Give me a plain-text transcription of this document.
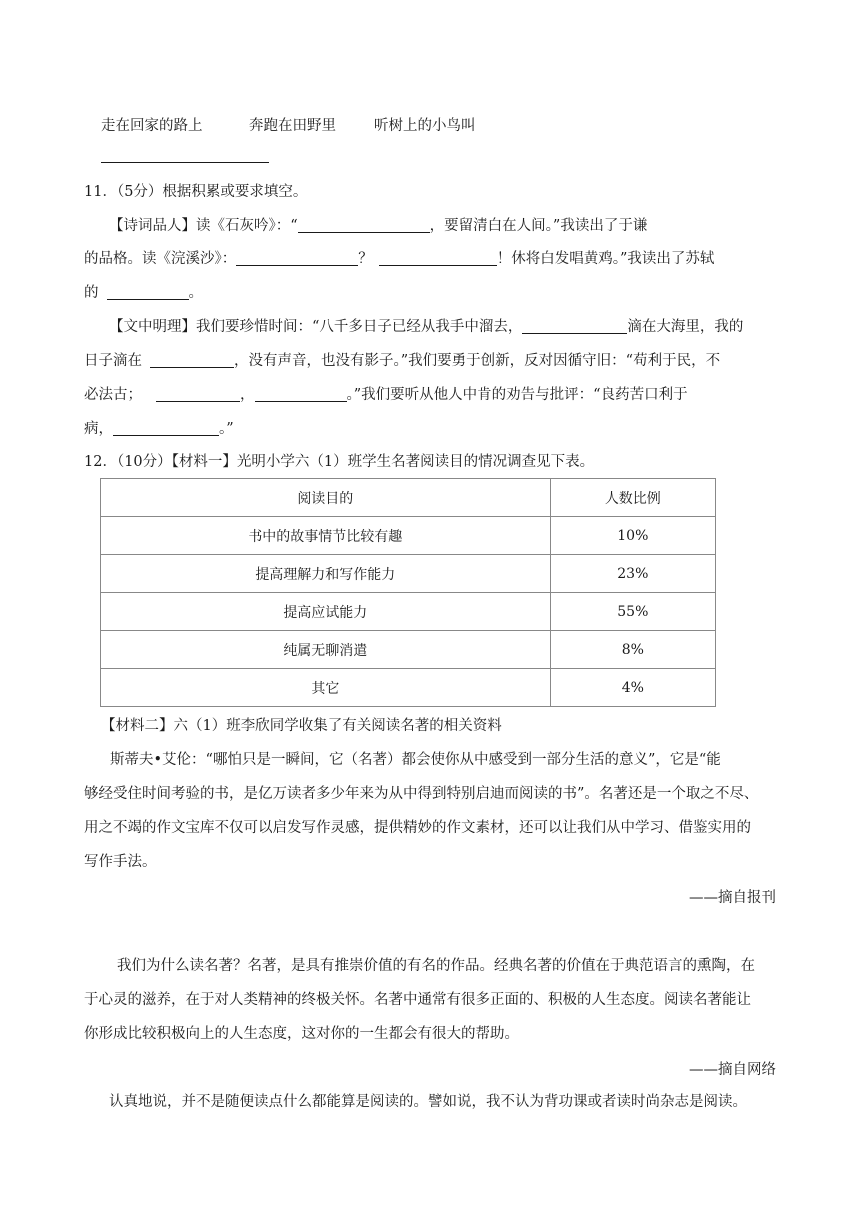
走在回家的路上	奔跑在田野里	听树上的小鸟叫
11．（5分）根据积累或要求填空。
【诗词品人】读《石灰吟》：“	，要留清白在人间。”我读出了于谦
的品格。读《浣溪沙》：	？	！休将白发唱黄鸡。”我读出了苏轼
的	。
【文中明理】我们要珍惜时间：“八千多日子已经从我手中溜去，	滴在大海里，我的
日子滴在	，没有声音，也没有影子。”我们要勇于创新，反对因循守旧：“苟利于民，不
必法古；	，	。”我们要听从他人中肯的劝告与批评：“良药苦口利于
病，	。”
12．（10分）【材料一】光明小学六（1）班学生名著阅读目的情况调查见下表。
阅读目的	人数比例
书中的故事情节比较有趣	10%
提高理解力和写作能力	23%
提高应试能力	55%
纯属无聊消遣	8%
其它	4%
【材料二】六（1）班李欣同学收集了有关阅读名著的相关资料
斯蒂夫•艾伦：“哪怕只是一瞬间，它（名著）都会使你从中感受到一部分生活的意义”，它是“能
够经受住时间考验的书，是亿万读者多少年来为从中得到特别启迪而阅读的书”。名著还是一个取之不尽、
用之不竭的作文宝库不仅可以启发写作灵感，提供精妙的作文素材，还可以让我们从中学习、借鉴实用的
写作手法。
——摘自报刊
我们为什么读名著？名著，是具有推崇价值的有名的作品。经典名著的价值在于典范语言的熏陶，在
于心灵的滋养，在于对人类精神的终极关怀。名著中通常有很多正面的、积极的人生态度。阅读名著能让
你形成比较积极向上的人生态度，这对你的一生都会有很大的帮助。
——摘自网络
认真地说，并不是随便读点什么都能算是阅读的。譬如说，我不认为背功课或者读时尚杂志是阅读。
